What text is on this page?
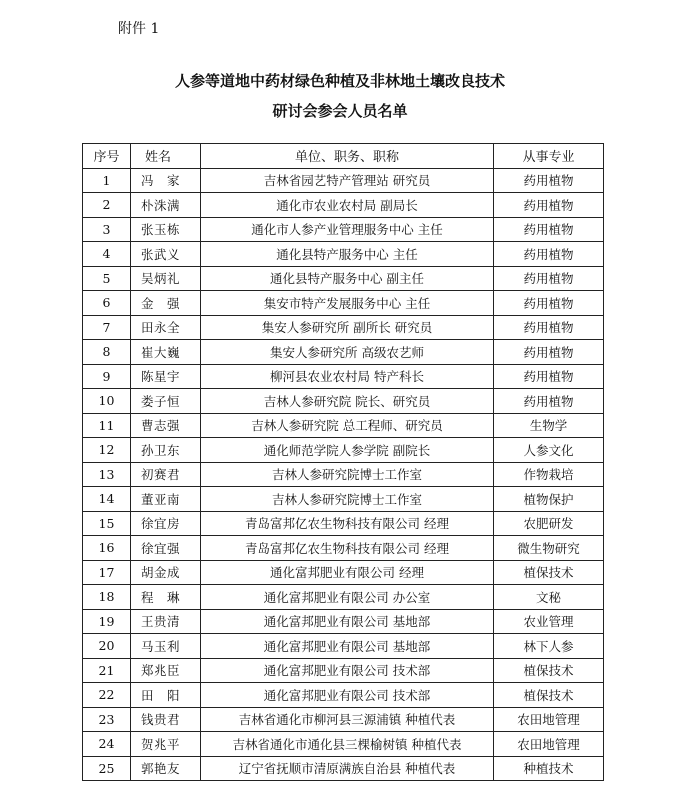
附件 1
人参等道地中药材绿色种植及非林地土壤改良技术
研讨会参会人员名单
序号	姓名	单位、职务、职称	从事专业
1	冯　家	吉林省园艺特产管理站 研究员	药用植物
2	朴洙满	通化市农业农村局 副局长	药用植物
3	张玉栋	通化市人参产业管理服务中心 主任	药用植物
4	张武义	通化县特产服务中心 主任	药用植物
5	吴炳礼	通化县特产服务中心 副主任	药用植物
6	金　强	集安市特产发展服务中心 主任	药用植物
7	田永全	集安人参研究所 副所长 研究员	药用植物
8	崔大巍	集安人参研究所 高级农艺师	药用植物
9	陈星宇	柳河县农业农村局 特产科长	药用植物
10	娄子恒	吉林人参研究院 院长、研究员	药用植物
11	曹志强	吉林人参研究院 总工程师、研究员	生物学
12	孙卫东	通化师范学院人参学院 副院长	人参文化
13	初赛君	吉林人参研究院博士工作室	作物栽培
14	董亚南	吉林人参研究院博士工作室	植物保护
15	徐宜房	青岛富邦亿农生物科技有限公司 经理	农肥研发
16	徐宜强	青岛富邦亿农生物科技有限公司 经理	微生物研究
17	胡金成	通化富邦肥业有限公司 经理	植保技术
18	程　琳	通化富邦肥业有限公司 办公室	文秘
19	王贵清	通化富邦肥业有限公司 基地部	农业管理
20	马玉利	通化富邦肥业有限公司 基地部	林下人参
21	郑兆臣	通化富邦肥业有限公司 技术部	植保技术
22	田　阳	通化富邦肥业有限公司 技术部	植保技术
23	钱贵君	吉林省通化市柳河县三源浦镇 种植代表	农田地管理
24	贺兆平	吉林省通化市通化县三棵榆树镇 种植代表	农田地管理
25	郭艳友	辽宁省抚顺市清原满族自治县 种植代表	种植技术
